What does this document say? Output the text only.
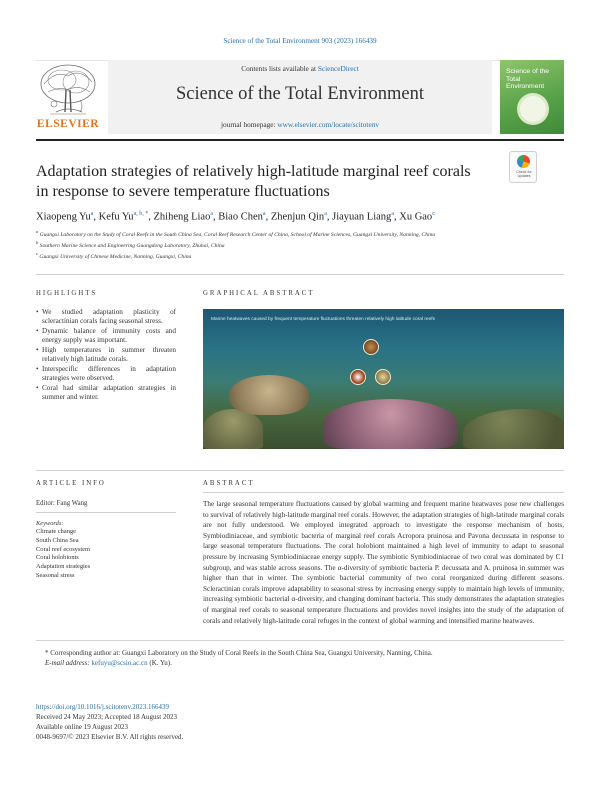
Science of the Total Environment 903 (2023) 166439
ELSEVIER
Contents lists available at ScienceDirect
Science of the Total Environment
journal homepage: www.elsevier.com/locate/scitotenv
Science of the Total Environment
Adaptation strategies of relatively high-latitude marginal reef corals in response to severe temperature fluctuations
Check for updates
Xiaopeng Yu$^a$, Kefu $Yu^{a, b, *}$, Zhiheng Liao$^a$, Biao Chen$^a$, Zhenjun Qin$^a$, Jiayuan Liang$^a$, Xu Gao$^c$
$^a$ Guangxi Laboratory on the Study of Coral Reefs in the South China Sea, Coral Reef Research Center of China, School of Marine Sciences, Guangxi University, Nanning, China
$^b$ Southern Marine Science and Engineering Guangdong Laboratory, Zhuhai, China
$^c$ Guangxi University of Chinese Medicine, Nanning, Guangxi, China
HIGHLIGHTS
• We studied adaptation plasticity of scleractinian corals facing seasonal stress.
• Dynamic balance of immunity costs and energy supply was important.
• High temperatures in summer threaten relatively high latitude corals.
• Interspecific differences in adaptation strategies were observed.
• Coral had similar adaptation strategies in summer and winter.
GRAPHICAL ABSTRACT
Marine heatwaves caused by frequent temperature fluctuations threaten relatively high latitude coral reefs
ARTICLE INFO
Editor: Fang Wang
Keywords:
Climate change
South China Sea
Coral reef ecosystem
Coral holobionts
Adaptation strategies
Seasonal stress
ABSTRACT
The large seasonal temperature fluctuations caused by global warming and frequent marine heatwaves pose new challenges to survival of relatively high-latitude marginal reef corals. However, the adaptation strategies of high-latitude marginal corals are not fully understood. We employed integrated approach to investigate the response mechanism of hosts, Symbiodiniaceae, and symbiotic bacteria of marginal reef corals Acropora pruinosa and Pavona decussata in response to large seasonal temperature fluctuations. The coral holobiont maintained a high level of immunity to adapt to seasonal pressure by increasing Symbiodiniaceae energy supply. The symbiotic Symbiodiniaceae of two coral was dominated by C1 subgroup, and was stable across seasons. The α-diversity of symbiotic bacteria P. decussata and A. pruinosa in summer was higher than that in winter. The symbiotic bacterial community of two coral reorganized during different seasons. Scleractinian corals improve adaptability to seasonal stress by increasing energy supply to maintain high levels of immunity, increasing symbiotic bacterial α-diversity, and changing dominant bacteria. This study demonstrates the adaptation strategies of marginal reef corals to seasonal temperature fluctuations and provides novel insights into the study of the adaptation of corals and relatively high-latitude coral refuges in the context of global warming and intensified marine heatwaves.
* Corresponding author at: Guangxi Laboratory on the Study of Coral Reefs in the South China Sea, Guangxi University, Nanning, China.
E-mail address: kefuyu@scsio.ac.cn (K. Yu).
https://doi.org/10.1016/j.scitotenv.2023.166439
Received 24 May 2023; Accepted 18 August 2023
Available online 19 August 2023
0048-9697/© 2023 Elsevier B.V. All rights reserved.
